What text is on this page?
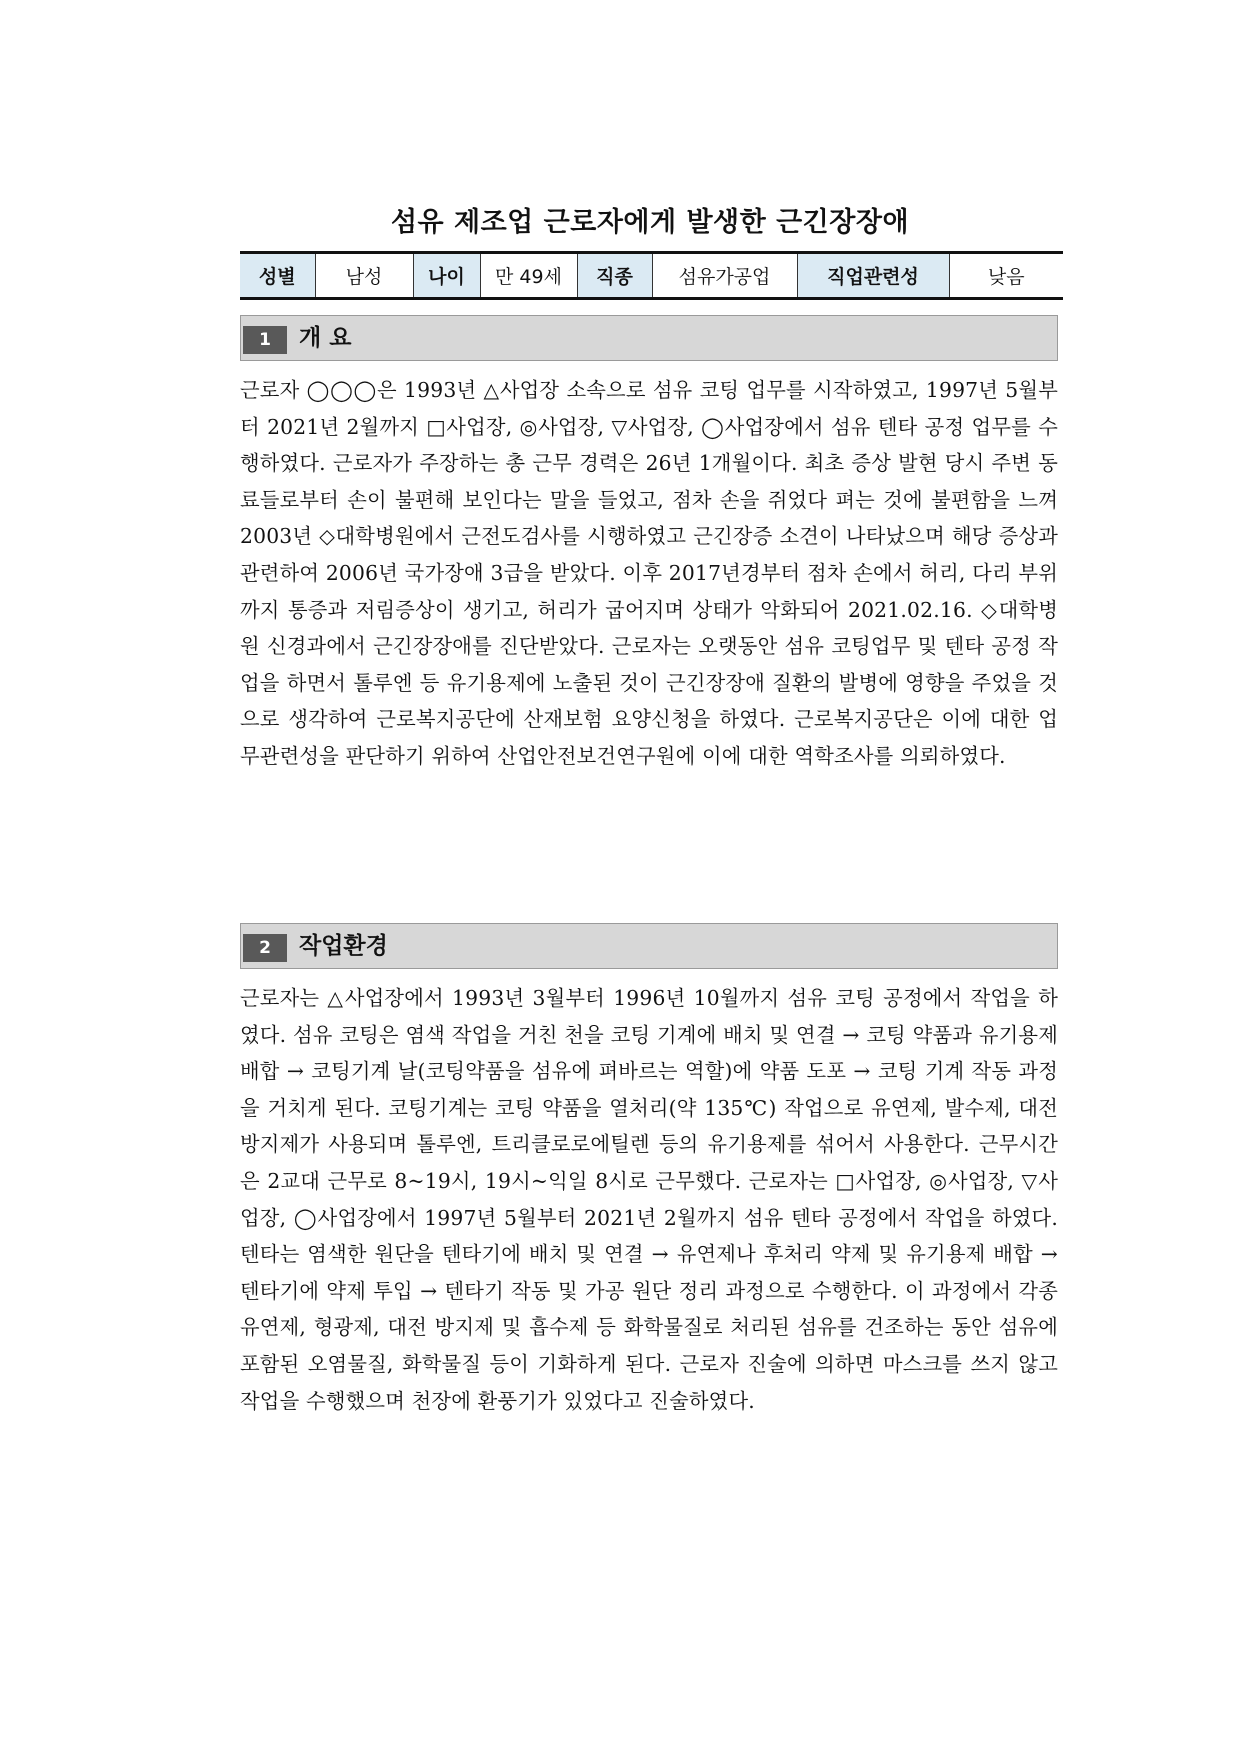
섬유 제조업 근로자에게 발생한 근긴장장애
성별	남성	나이	만 49세	직종	섬유가공업	직업관련성	낮음
1	개 요

근로자 ◯◯◯은 1993년 △사업장 소속으로 섬유 코팅 업무를 시작하였고, 1997년 5월부터 2021년 2월까지 □사업장, ◎사업장, ▽사업장, ◯사업장에서 섬유 텐타 공정 업무를 수행하였다. 근로자가 주장하는 총 근무 경력은 26년 1개월이다. 최초 증상 발현 당시 주변 동료들로부터 손이 불편해 보인다는 말을 들었고, 점차 손을 쥐었다 펴는 것에 불편함을 느껴 2003년 ◇대학병원에서 근전도검사를 시행하였고 근긴장증 소견이 나타났으며 해당 증상과 관련하여 2006년 국가장애 3급을 받았다. 이후 2017년경부터 점차 손에서 허리, 다리 부위까지 통증과 저림증상이 생기고, 허리가 굽어지며 상태가 악화되어 2021.02.16. ◇대학병원 신경과에서 근긴장장애를 진단받았다. 근로자는 오랫동안 섬유 코팅업무 및 텐타 공정 작업을 하면서 톨루엔 등 유기용제에 노출된 것이 근긴장장애 질환의 발병에 영향을 주었을 것으로 생각하여 근로복지공단에 산재보험 요양신청을 하였다. 근로복지공단은 이에 대한 업무관련성을 판단하기 위하여 산업안전보건연구원에 이에 대한 역학조사를 의뢰하였다.

2	작업환경

근로자는 △사업장에서 1993년 3월부터 1996년 10월까지 섬유 코팅 공정에서 작업을 하였다. 섬유 코팅은 염색 작업을 거친 천을 코팅 기계에 배치 및 연결 → 코팅 약품과 유기용제 배합 → 코팅기계 날(코팅약품을 섬유에 펴바르는 역할)에 약품 도포 → 코팅 기계 작동 과정을 거치게 된다. 코팅기계는 코팅 약품을 열처리(약 135℃) 작업으로 유연제, 발수제, 대전방지제가 사용되며 톨루엔, 트리클로로에틸렌 등의 유기용제를 섞어서 사용한다. 근무시간은 2교대 근무로 8~19시, 19시~익일 8시로 근무했다. 근로자는 □사업장, ◎사업장, ▽사업장, ◯사업장에서 1997년 5월부터 2021년 2월까지 섬유 텐타 공정에서 작업을 하였다. 텐타는 염색한 원단을 텐타기에 배치 및 연결 → 유연제나 후처리 약제 및 유기용제 배합 → 텐타기에 약제 투입 → 텐타기 작동 및 가공 원단 정리 과정으로 수행한다. 이 과정에서 각종 유연제, 형광제, 대전 방지제 및 흡수제 등 화학물질로 처리된 섬유를 건조하는 동안 섬유에 포함된 오염물질, 화학물질 등이 기화하게 된다. 근로자 진술에 의하면 마스크를 쓰지 않고 작업을 수행했으며 천장에 환풍기가 있었다고 진술하였다.
